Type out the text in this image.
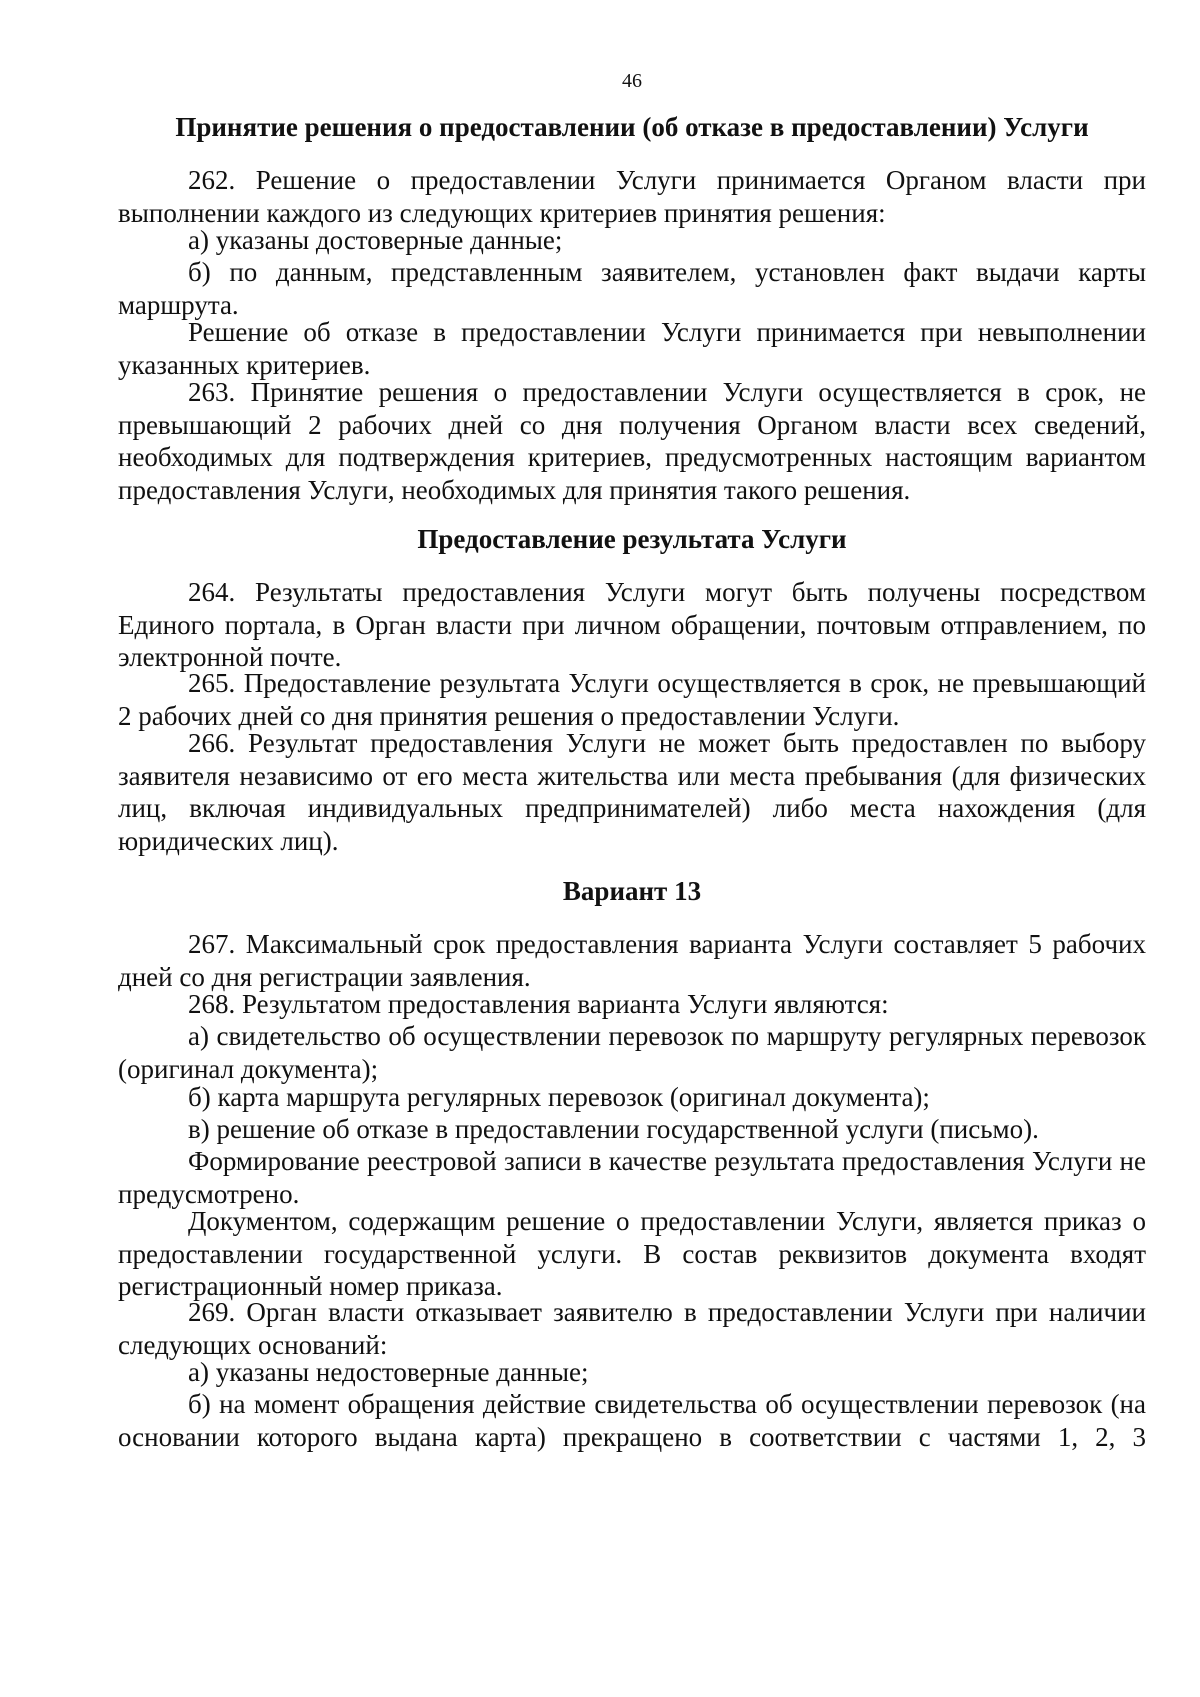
46
Принятие решения о предоставлении (об отказе в предоставлении) Услуги

262. Решение о предоставлении Услуги принимается Органом власти при выполнении каждого из следующих критериев принятия решения:

а) указаны достоверные данные;

б) по данным, представленным заявителем, установлен факт выдачи карты маршрута.

Решение об отказе в предоставлении Услуги принимается при невыполнении указанных критериев.

263. Принятие решения о предоставлении Услуги осуществляется в срок, не превышающий 2 рабочих дней со дня получения Органом власти всех сведений, необходимых для подтверждения критериев, предусмотренных настоящим вариантом предоставления Услуги, необходимых для принятия такого решения.

Предоставление результата Услуги

264. Результаты предоставления Услуги могут быть получены посредством Единого портала, в Орган власти при личном обращении, почтовым отправлением, по электронной почте.

265. Предоставление результата Услуги осуществляется в срок, не превышающий 2 рабочих дней со дня принятия решения о предоставлении Услуги.

266. Результат предоставления Услуги не может быть предоставлен по выбору заявителя независимо от его места жительства или места пребывания (для физических лиц, включая индивидуальных предпринимателей) либо места нахождения (для юридических лиц).

Вариант 13

267. Максимальный срок предоставления варианта Услуги составляет 5 рабочих дней со дня регистрации заявления.

268. Результатом предоставления варианта Услуги являются:

а) свидетельство об осуществлении перевозок по маршруту регулярных перевозок (оригинал документа);

б) карта маршрута регулярных перевозок (оригинал документа);

в) решение об отказе в предоставлении государственной услуги (письмо).

Формирование реестровой записи в качестве результата предоставления Услуги не предусмотрено.

Документом, содержащим решение о предоставлении Услуги, является приказ о предоставлении государственной услуги. В состав реквизитов документа входят регистрационный номер приказа.

269. Орган власти отказывает заявителю в предоставлении Услуги при наличии следующих оснований:

а) указаны недостоверные данные;

б) на момент обращения действие свидетельства об осуществлении перевозок (на основании которого выдана карта) прекращено в соответствии с частями 1, 2, 3
